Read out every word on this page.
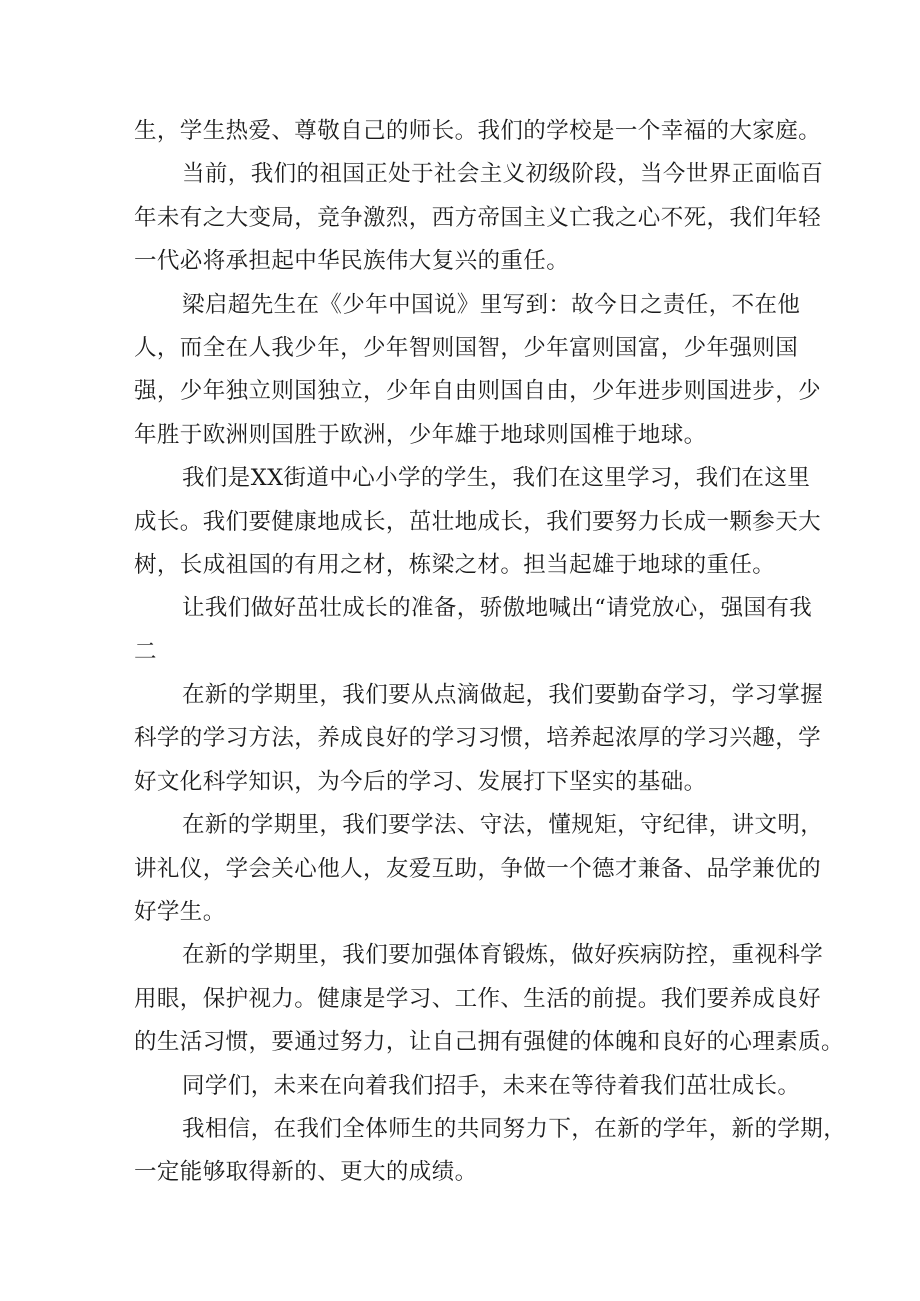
生，学生热爱、尊敬自己的师长。我们的学校是一个幸福的大家庭。
当前，我们的祖国正处于社会主义初级阶段，当今世界正面临百
年未有之大变局，竞争激烈，西方帝国主义亡我之心不死，我们年轻
一代必将承担起中华民族伟大复兴的重任。
梁启超先生在《少年中国说》里写到：故今日之责任，不在他
人，而全在人我少年，少年智则国智，少年富则国富，少年强则国
强，少年独立则国独立，少年自由则国自由，少年进步则国进步，少
年胜于欧洲则国胜于欧洲，少年雄于地球则国椎于地球。
我们是XX街道中心小学的学生，我们在这里学习，我们在这里
成长。我们要健康地成长，茁壮地成长，我们要努力长成一颗参天大
树，长成祖国的有用之材，栋梁之材。担当起雄于地球的重任。
让我们做好茁壮成长的准备，骄傲地喊出“请党放心，强国有我
二
在新的学期里，我们要从点滴做起，我们要勤奋学习，学习掌握
科学的学习方法，养成良好的学习习惯，培养起浓厚的学习兴趣，学
好文化科学知识，为今后的学习、发展打下坚实的基础。
在新的学期里，我们要学法、守法，懂规矩，守纪律，讲文明，
讲礼仪，学会关心他人，友爱互助，争做一个德才兼备、品学兼优的
好学生。
在新的学期里，我们要加强体育锻炼，做好疾病防控，重视科学
用眼，保护视力。健康是学习、工作、生活的前提。我们要养成良好
的生活习惯，要通过努力，让自己拥有强健的体魄和良好的心理素质。
同学们，未来在向着我们招手，未来在等待着我们茁壮成长。
我相信，在我们全体师生的共同努力下，在新的学年，新的学期，
一定能够取得新的、更大的成绩。
